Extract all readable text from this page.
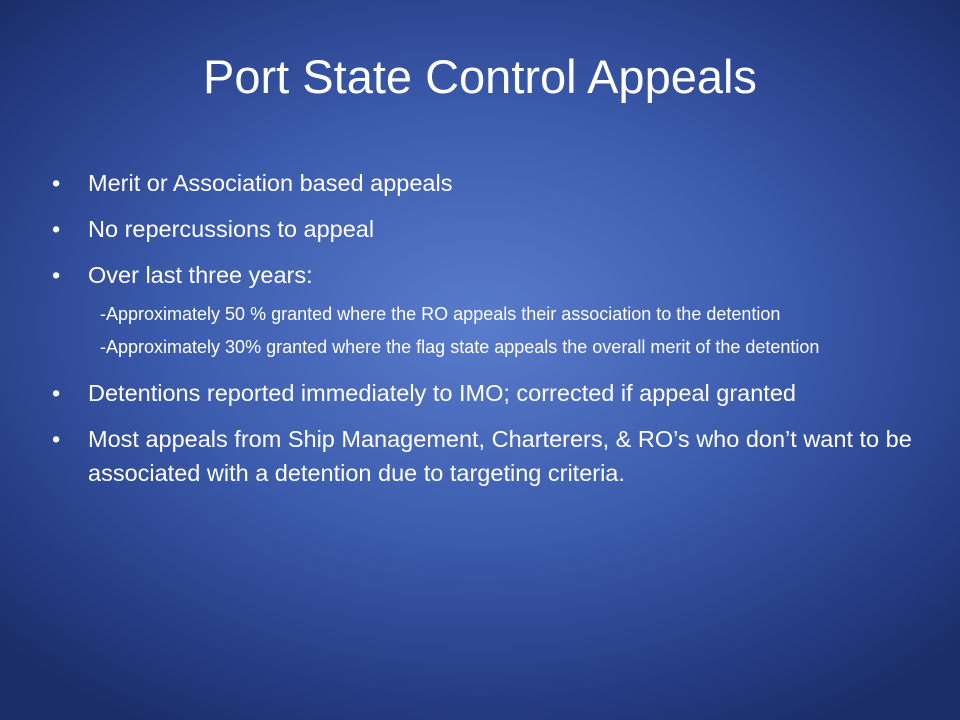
Port State Control Appeals
• Merit or Association based appeals
• No repercussions to appeal
• Over last three years:
-Approximately 50 % granted where the RO appeals their association to the detention
-Approximately 30% granted where the flag state appeals the overall merit of the detention
• Detentions reported immediately to IMO; corrected if appeal granted
• Most appeals from Ship Management, Charterers, & RO’s who don’t want to be associated with a detention due to targeting criteria.
